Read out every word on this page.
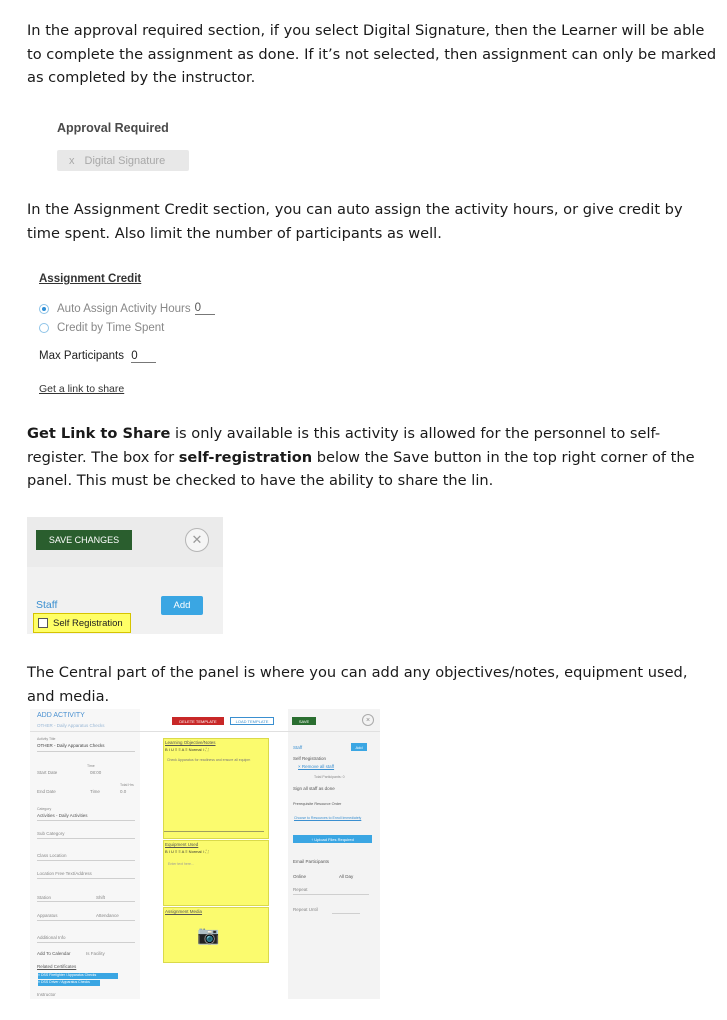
In the approval required section, if you select Digital Signature, then the Learner will be able to complete the assignment as done. If it’s not selected, then assignment can only be marked as completed by the instructor.

Approval Required
x Digital Signature

In the Assignment Credit section, you can auto assign the activity hours, or give credit by time spent. Also limit the number of participants as well.

Assignment Credit
Auto Assign Activity Hours 0
Credit by Time Spent
Max Participants 0
Get a link to share

Get Link to Share is only available is this activity is allowed for the personnel to self-register. The box for self-registration below the Save button in the top right corner of the panel. This must be checked to have the ability to share the lin.

SAVE CHANGES	✕
Staff	Add
Self Registration

The Central part of the panel is where you can add any objectives/notes, equipment used, and media.

ADD ACTIVITY
OTHER - Daily Apparatus Checks
Activity Title
OTHER - Daily Apparatus Checks
Time
Start Date	08:00
End Date	Time
Total Hrs
0.0
Category
Activities - Daily Activities
Sub Category
Class Location
Location Free Text/Address
Station	Shift
Apparatus	Attendance
Additional Info
Add To Calendar	Is Facility
Related Certificates
× DSS Firefighter / Apparatus Checks
× DSS Driver / Apparatus Checks
Instructor
DELETE TEMPLATE	LOAD TEMPLATE	SAVE	×
Learning Objective/Notes
B I U ≡ ≡ A ≡ Normal ↕ ⛶
Check Apparatus for readiness and ensure all equipm
Equipment Used
B I U ≡ ≡ A ≡ Normal ↕ ⛶
Enter text here...
Assignment Media
📷
Staff	Add
Self Registration
× Remove all staff
Total Participants: 0
Sign all staff as done
Prerequisite Resource Order
Choose to Resources to Enroll Immediately
↑ Upload Files Required
Email Participants
Online	All Day
Repeat
Repeat Until
